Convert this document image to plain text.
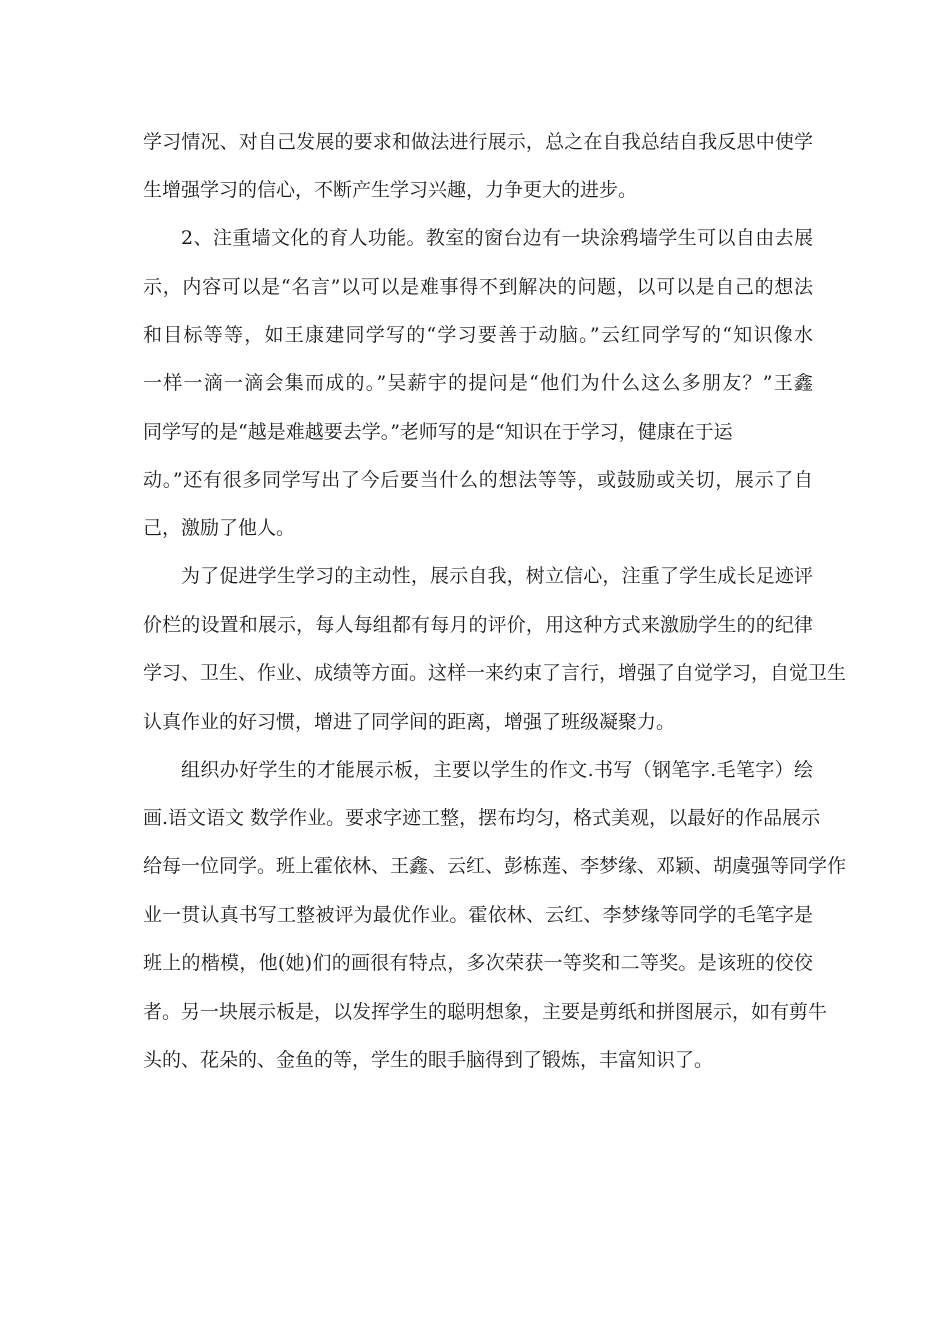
学习情况、对自己发展的要求和做法进行展示，总之在自我总结自我反思中使学
生增强学习的信心，不断产生学习兴趣，力争更大的进步。
2、注重墙文化的育人功能。教室的窗台边有一块涂鸦墙学生可以自由去展
示，内容可以是“名言”以可以是难事得不到解决的问题，以可以是自己的想法
和目标等等，如王康建同学写的“学习要善于动脑。”云红同学写的“知识像水
一样一滴一滴会集而成的。”吴薪宇的提问是“他们为什么这么多朋友？”王鑫
同学写的是“越是难越要去学。”老师写的是“知识在于学习，健康在于运
动。”还有很多同学写出了今后要当什么的想法等等，或鼓励或关切，展示了自
己，激励了他人。
为了促进学生学习的主动性，展示自我，树立信心，注重了学生成长足迹评
价栏的设置和展示，每人每组都有每月的评价，用这种方式来激励学生的的纪律
学习、卫生、作业、成绩等方面。这样一来约束了言行，增强了自觉学习，自觉卫生
认真作业的好习惯，增进了同学间的距离，增强了班级凝聚力。
组织办好学生的才能展示板，主要以学生的作文.书写（钢笔字.毛笔字）绘
画.语文语文 数学作业。要求字迹工整，摆布均匀，格式美观，以最好的作品展示
给每一位同学。班上霍依林、王鑫、云红、彭栋莲、李梦缘、邓颖、胡虞强等同学作
业一贯认真书写工整被评为最优作业。霍依林、云红、李梦缘等同学的毛笔字是
班上的楷模，他(她)们的画很有特点，多次荣获一等奖和二等奖。是该班的佼佼
者。另一块展示板是，以发挥学生的聪明想象，主要是剪纸和拼图展示，如有剪牛
头的、花朵的、金鱼的等，学生的眼手脑得到了锻炼，丰富知识了。
